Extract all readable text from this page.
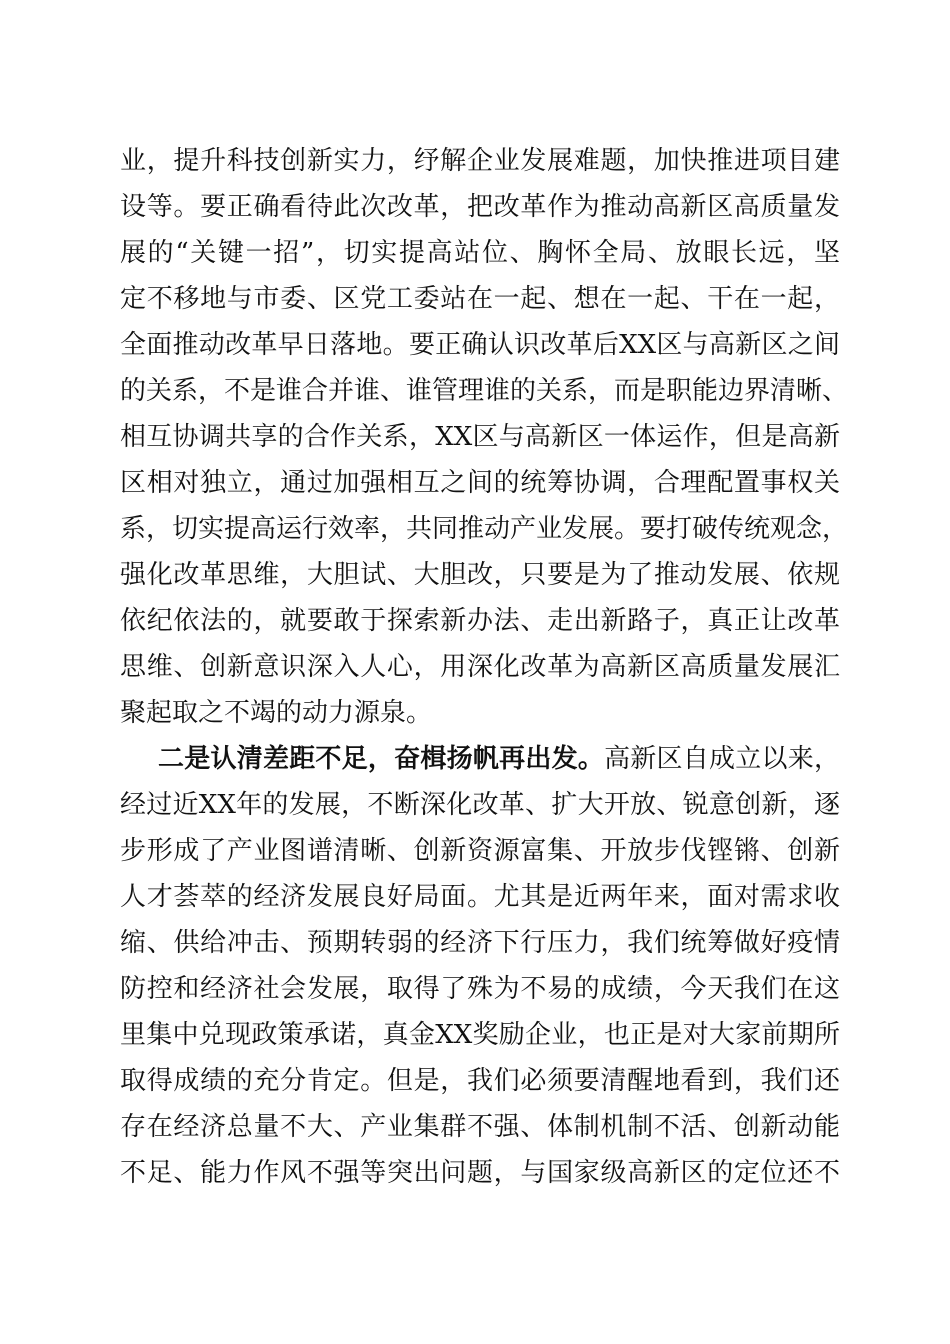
业，提升科技创新实力，纾解企业发展难题，加快推进项目建
设等。要正确看待此次改革，把改革作为推动高新区高质量发
展的“关键一招”，切实提高站位、胸怀全局、放眼长远，坚
定不移地与市委、区党工委站在一起、想在一起、干在一起，
全面推动改革早日落地。要正确认识改革后XX区与高新区之间
的关系，不是谁合并谁、谁管理谁的关系，而是职能边界清晰、
相互协调共享的合作关系，XX区与高新区一体运作，但是高新
区相对独立，通过加强相互之间的统筹协调，合理配置事权关
系，切实提高运行效率，共同推动产业发展。要打破传统观念，
强化改革思维，大胆试、大胆改，只要是为了推动发展、依规
依纪依法的，就要敢于探索新办法、走出新路子，真正让改革
思维、创新意识深入人心，用深化改革为高新区高质量发展汇
聚起取之不竭的动力源泉。
二是认清差距不足，奋楫扬帆再出发。高新区自成立以来，
经过近XX年的发展，不断深化改革、扩大开放、锐意创新，逐
步形成了产业图谱清晰、创新资源富集、开放步伐铿锵、创新
人才荟萃的经济发展良好局面。尤其是近两年来，面对需求收
缩、供给冲击、预期转弱的经济下行压力，我们统筹做好疫情
防控和经济社会发展，取得了殊为不易的成绩，今天我们在这
里集中兑现政策承诺，真金XX奖励企业，也正是对大家前期所
取得成绩的充分肯定。但是，我们必须要清醒地看到，我们还
存在经济总量不大、产业集群不强、体制机制不活、创新动能
不足、能力作风不强等突出问题，与国家级高新区的定位还不
